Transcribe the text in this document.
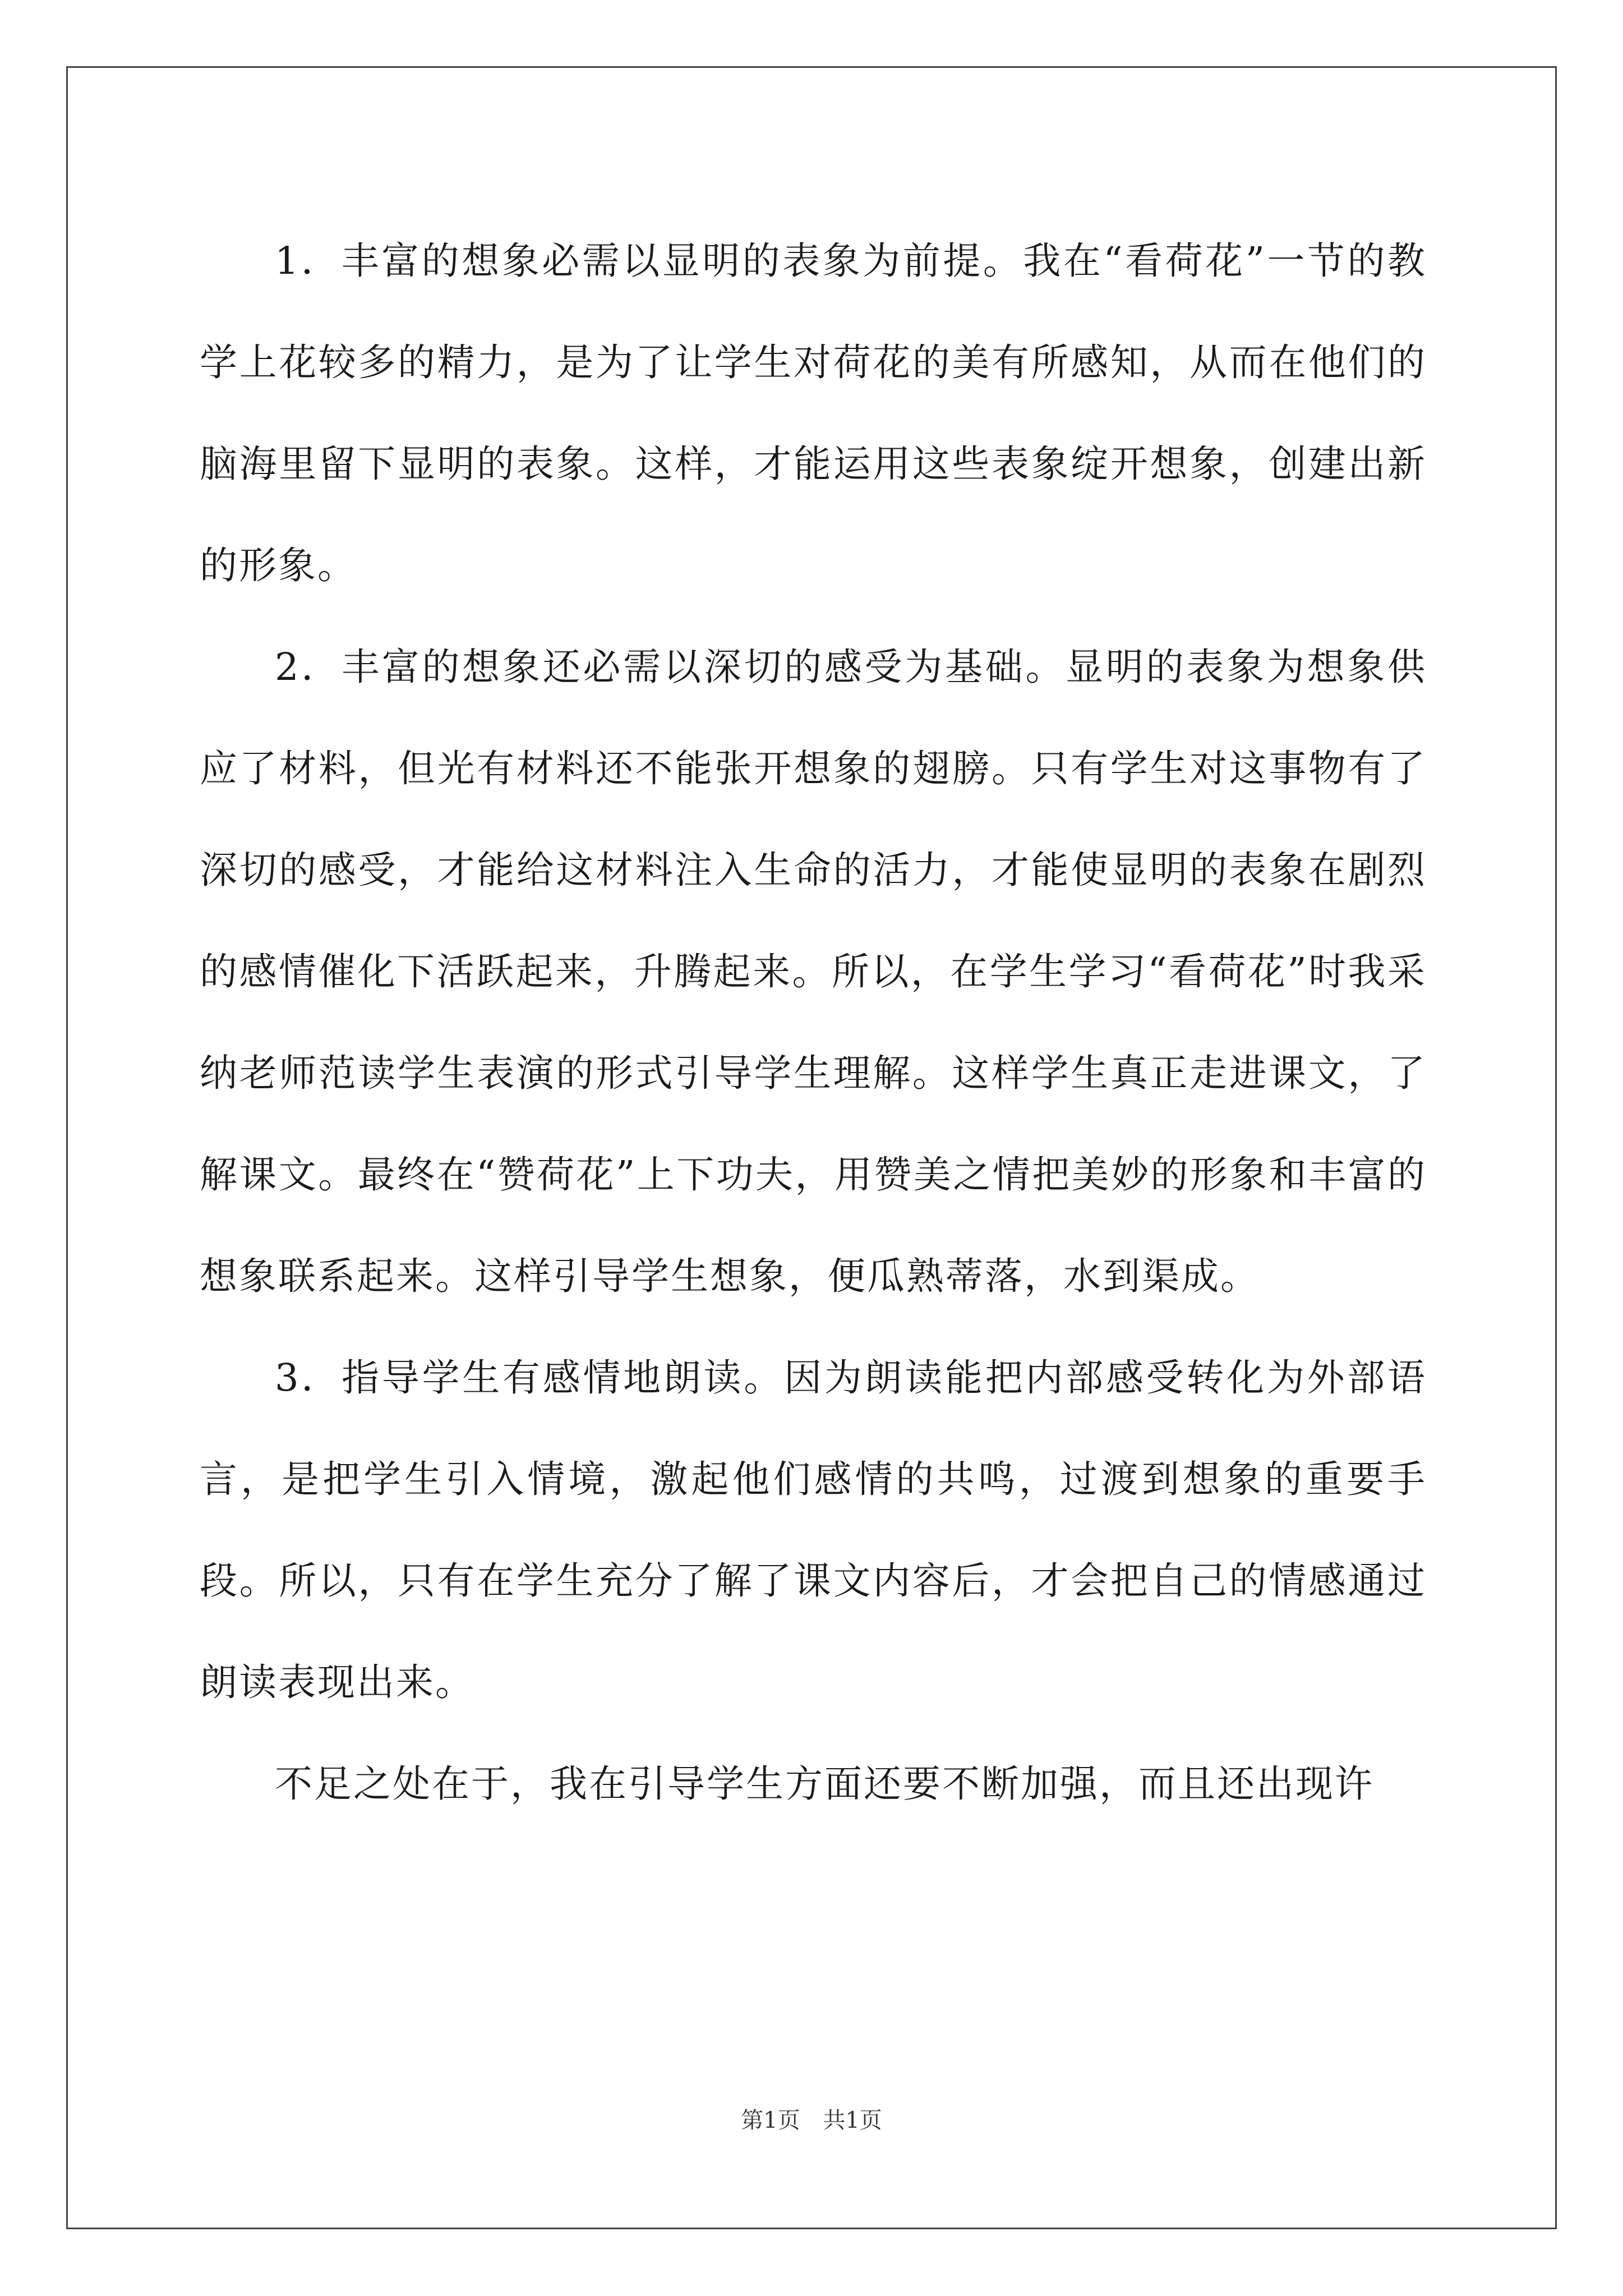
1．丰富的想象必需以显明的表象为前提。我在“看荷花”一节的教学上花较多的精力，是为了让学生对荷花的美有所感知，从而在他们的脑海里留下显明的表象。这样，才能运用这些表象绽开想象，创建出新的形象。

2．丰富的想象还必需以深切的感受为基础。显明的表象为想象供应了材料，但光有材料还不能张开想象的翅膀。只有学生对这事物有了深切的感受，才能给这材料注入生命的活力，才能使显明的表象在剧烈的感情催化下活跃起来，升腾起来。所以，在学生学习“看荷花”时我采纳老师范读学生表演的形式引导学生理解。这样学生真正走进课文，了解课文。最终在“赞荷花”上下功夫，用赞美之情把美妙的形象和丰富的想象联系起来。这样引导学生想象，便瓜熟蒂落，水到渠成。

3．指导学生有感情地朗读。因为朗读能把内部感受转化为外部语言，是把学生引入情境，激起他们感情的共鸣，过渡到想象的重要手段。所以，只有在学生充分了解了课文内容后，才会把自己的情感通过朗读表现出来。

不足之处在于，我在引导学生方面还要不断加强，而且还出现许

第1页 共1页
